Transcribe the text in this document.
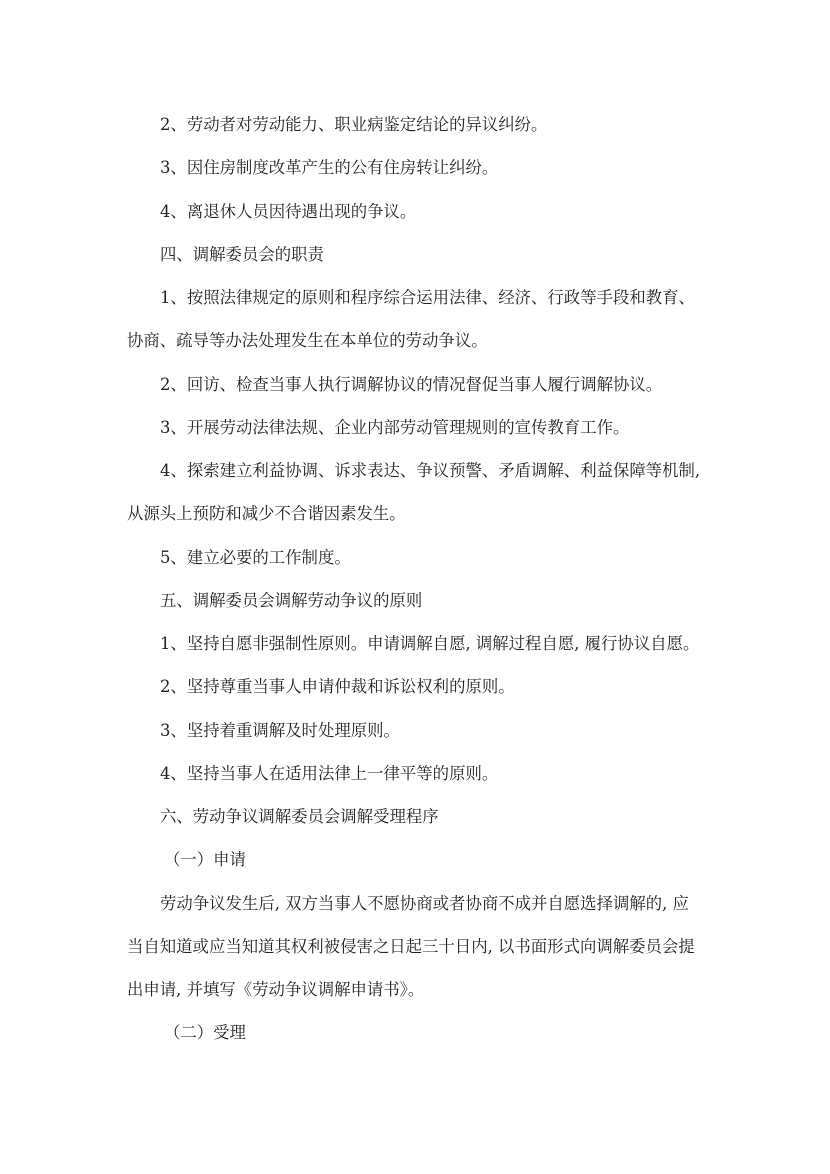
2、劳动者对劳动能力、职业病鉴定结论的异议纠纷。
3、因住房制度改革产生的公有住房转让纠纷。
4、离退休人员因待遇出现的争议。
四、调解委员会的职责
1、按照法律规定的原则和程序综合运用法律、经济、行政等手段和教育、
协商、疏导等办法处理发生在本单位的劳动争议。
2、回访、检查当事人执行调解协议的情况督促当事人履行调解协议。
3、开展劳动法律法规、企业内部劳动管理规则的宣传教育工作。
4、探索建立利益协调、诉求表达、争议预警、矛盾调解、利益保障等机制,
从源头上预防和减少不合谐因素发生。
5、建立必要的工作制度。
五、调解委员会调解劳动争议的原则
1、坚持自愿非强制性原则。申请调解自愿, 调解过程自愿, 履行协议自愿。
2、坚持尊重当事人申请仲裁和诉讼权利的原则。
3、坚持着重调解及时处理原则。
4、坚持当事人在适用法律上一律平等的原则。
六、劳动争议调解委员会调解受理程序
（一）申请
劳动争议发生后, 双方当事人不愿协商或者协商不成并自愿选择调解的, 应
当自知道或应当知道其权利被侵害之日起三十日内, 以书面形式向调解委员会提
出申请, 并填写《劳动争议调解申请书》。
（二）受理
